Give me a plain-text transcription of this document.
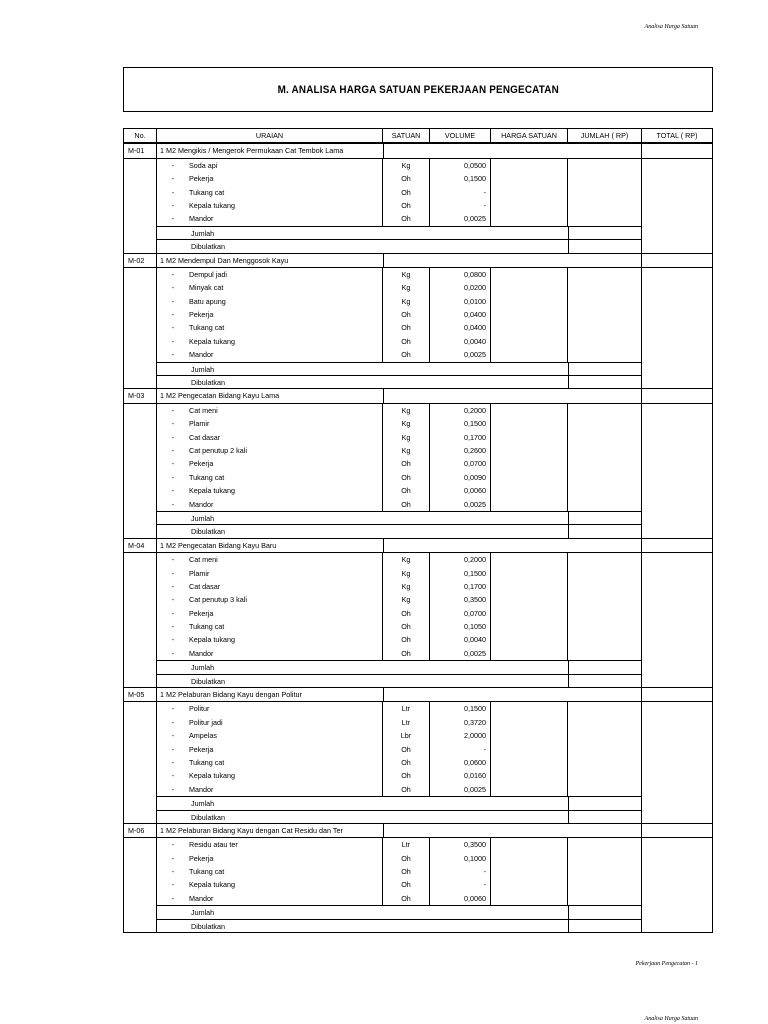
Analisa Harga Satuan
M. ANALISA HARGA SATUAN PEKERJAAN PENGECATAN
No.	URAIAN	SATUAN	VOLUME	HARGA SATUAN	JUMLAH ( RP)	TOTAL ( RP)
M-01	1 M2 Mengikis / Mengerok Permukaan Cat Tembok Lama
- Soda api	Kg	0,0500
- Pekerja	Oh	0,1500
- Tukang cat	Oh	-
- Kepala tukang	Oh	-
- Mandor	Oh	0,0025
Jumlah
Dibulatkan
M-02	1 M2 Mendempul Dan Menggosok Kayu
- Dempul jadi	Kg	0,0800
- Minyak cat	Kg	0,0200
- Batu apung	Kg	0,0100
- Pekerja	Oh	0,0400
- Tukang cat	Oh	0,0400
- Kepala tukang	Oh	0,0040
- Mandor	Oh	0,0025
Jumlah
Dibulatkan
M-03	1 M2 Pengecatan Bidang Kayu Lama
- Cat meni	Kg	0,2000
- Plamir	Kg	0,1500
- Cat dasar	Kg	0,1700
- Cat penutup 2 kali	Kg	0,2600
- Pekerja	Oh	0,0700
- Tukang cat	Oh	0,0090
- Kepala tukang	Oh	0,0060
- Mandor	Oh	0,0025
Jumlah
Dibulatkan
M-04	1 M2 Pengecatan Bidang Kayu Baru
- Cat meni	Kg	0,2000
- Plamir	Kg	0,1500
- Cat dasar	Kg	0,1700
- Cat penutup 3 kali	Kg	0,3500
- Pekerja	Oh	0,0700
- Tukang cat	Oh	0,1050
- Kepala tukang	Oh	0,0040
- Mandor	Oh	0,0025
Jumlah
Dibulatkan
M-05	1 M2 Pelaburan Bidang Kayu dengan Politur
- Politur	Ltr	0,1500
- Politur jadi	Ltr	0,3720
- Ampelas	Lbr	2,0000
- Pekerja	Oh	-
- Tukang cat	Oh	0,0600
- Kepala tukang	Oh	0,0160
- Mandor	Oh	0,0025
Jumlah
Dibulatkan
M-06	1 M2 Pelaburan Bidang Kayu dengan Cat Residu dan Ter
- Residu atau ter	Ltr	0,3500
- Pekerja	Oh	0,1000
- Tukang cat	Oh	-
- Kepala tukang	Oh	-
- Mandor	Oh	0,0060
Jumlah
Dibulatkan
Pekerjaan Pengecatan - 1
Analisa Harga Satuan
